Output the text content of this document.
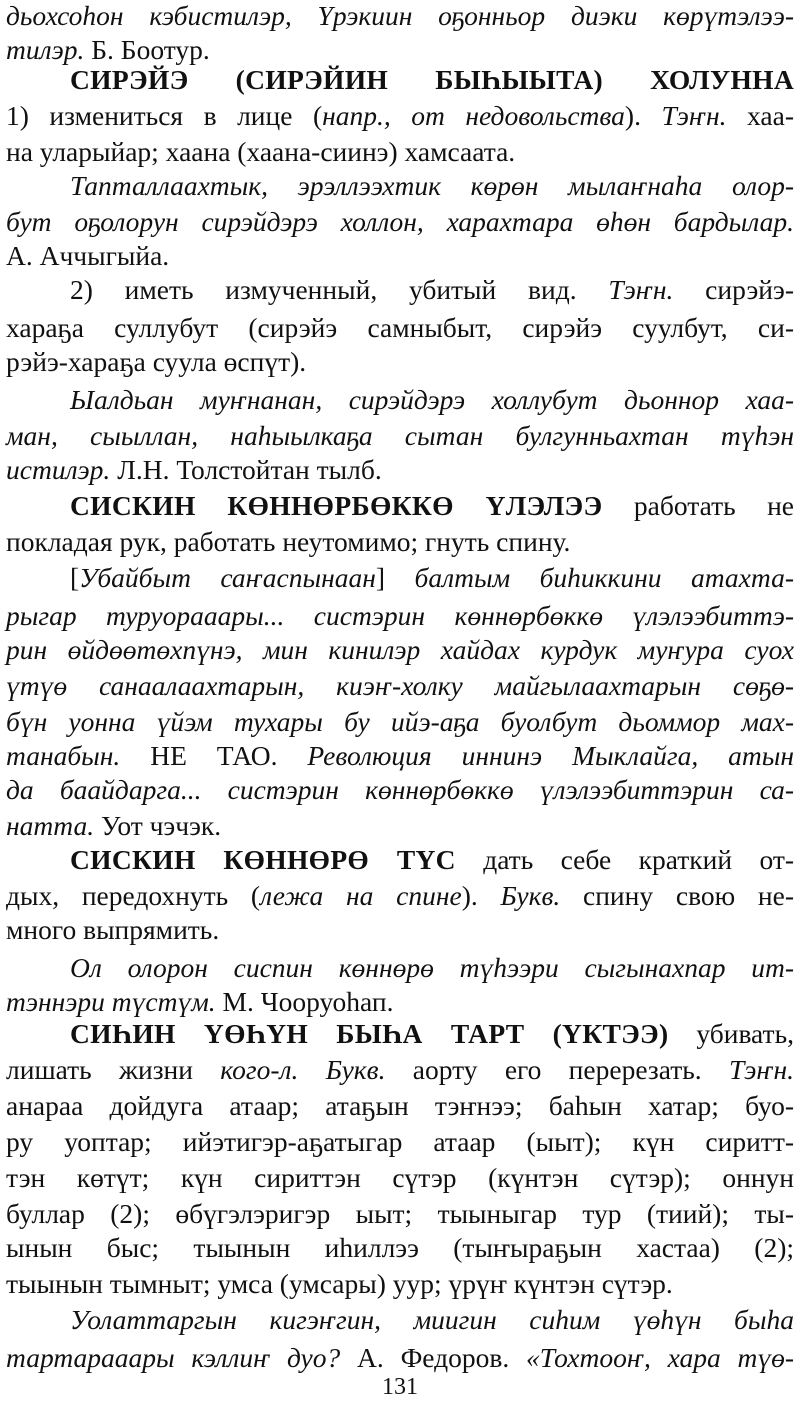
дьохсоһон кэбистилэр, Үрэкиин оҕонньор диэки көрүтэлээ-
тилэр. Б. Боотур.
СИРЭЙЭ (СИРЭЙИН БЫҺЫЫТА) ХОЛУННА
1) измениться в лице (напр., от недовольства). Тэҥн. хаа-
на уларыйар; хаана (хаана-сиинэ) хамсаата.
Тапталлаахтык, эрэллээхтик көрөн мылаҥнаһа олор-
бут оҕолорун сирэйдэрэ холлон, харахтара өһөн бардылар.
А. Аччыгыйа.
2) иметь измученный, убитый вид. Тэҥн. сирэйэ-
хараҕа суллубут (сирэйэ самныбыт, сирэйэ суулбут, си-
рэйэ-хараҕа суула өспүт).
Ыалдьан муҥнанан, сирэйдэрэ холлубут дьоннор хаа-
ман, сыыллан, наһыылкаҕа сытан булгунньахтан түһэн
истилэр. Л.Н. Толстойтан тылб.
СИСКИН КӨННӨРБӨККӨ ҮЛЭЛЭЭ работать не
покладая рук, работать неутомимо; гнуть спину.
[Убайбыт саҥаспынаан] балтым биһиккини атахта-
рыгар туруорааары... систэрин көннөрбөккө үлэлээбиттэ-
рин өйдөөтөхпүнэ, мин кинилэр хайдах курдук муҥура суох
үтүө санаалаахтарын, киэҥ-холку майгылаахтарын сөҕө-
бүн уонна үйэм тухары бу ийэ-аҕа буолбут дьоммор мах-
танабын. НЕ ТАО. Революция иннинэ Мыклайга, атын
да баайдарга... систэрин көннөрбөккө үлэлээбиттэрин са-
натта. Уот чэчэк.
СИСКИН КӨННӨРӨ ТҮС дать себе краткий от-
дых, передохнуть (лежа на спине). Букв. спину свою не-
много выпрямить.
Ол олорон сиспин көннөрө түһээри сыгынахпар ит-
тэннэри түстүм. М. Чооруоһап.
СИҺИН ҮӨҺҮН БЫҺА ТАРТ (ҮКТЭЭ) убивать,
лишать жизни кого-л. Букв. аорту его перерезать. Тэҥн.
анараа дойдуга атаар; атаҕын тэҥнээ; баһын хатар; буо-
ру уоптар; ийэтигэр-аҕатыгар атаар (ыыт); күн сиритт-
тэн көтүт; күн сириттэн сүтэр (күнтэн сүтэр); оннун
буллар (2); өбүгэлэригэр ыыт; тыыныгар тур (тиий); ты-
ынын быс; тыынын иһиллээ (тыҥыраҕын хастаа) (2);
тыынын тымныт; умса (умсары) уур; үрүҥ күнтэн сүтэр.
Уолаттаргын кигэҥгин, миигин сиһим үөһүн быһа
тартарааары кэллиҥ дуо? А. Федоров. «Тохтооҥ, хара түө-
131
